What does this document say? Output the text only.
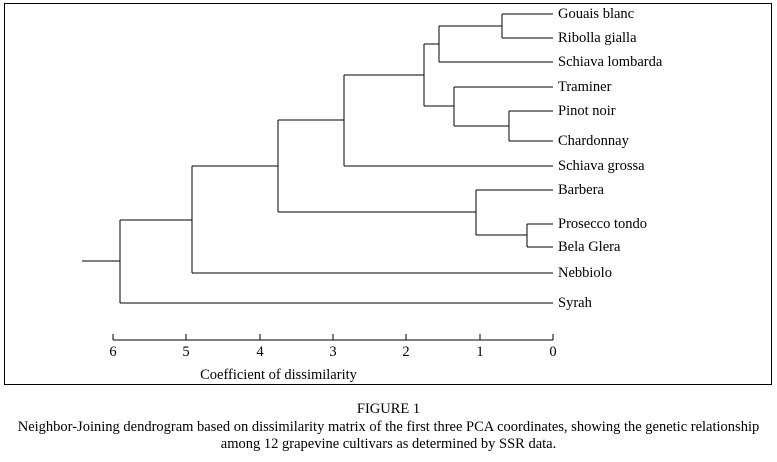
Gouais blanc
Ribolla gialla
Schiava lombarda
Traminer
Pinot noir
Chardonnay
Schiava grossa
Barbera
Prosecco tondo
Bela Glera
Nebbiolo
Syrah
6	5	4	3	2	1	0
Coefficient of dissimilarity
FIGURE 1
Neighbor-Joining dendrogram based on dissimilarity matrix of the first three PCA coordinates, showing the genetic relationship
among 12 grapevine cultivars as determined by SSR data.
